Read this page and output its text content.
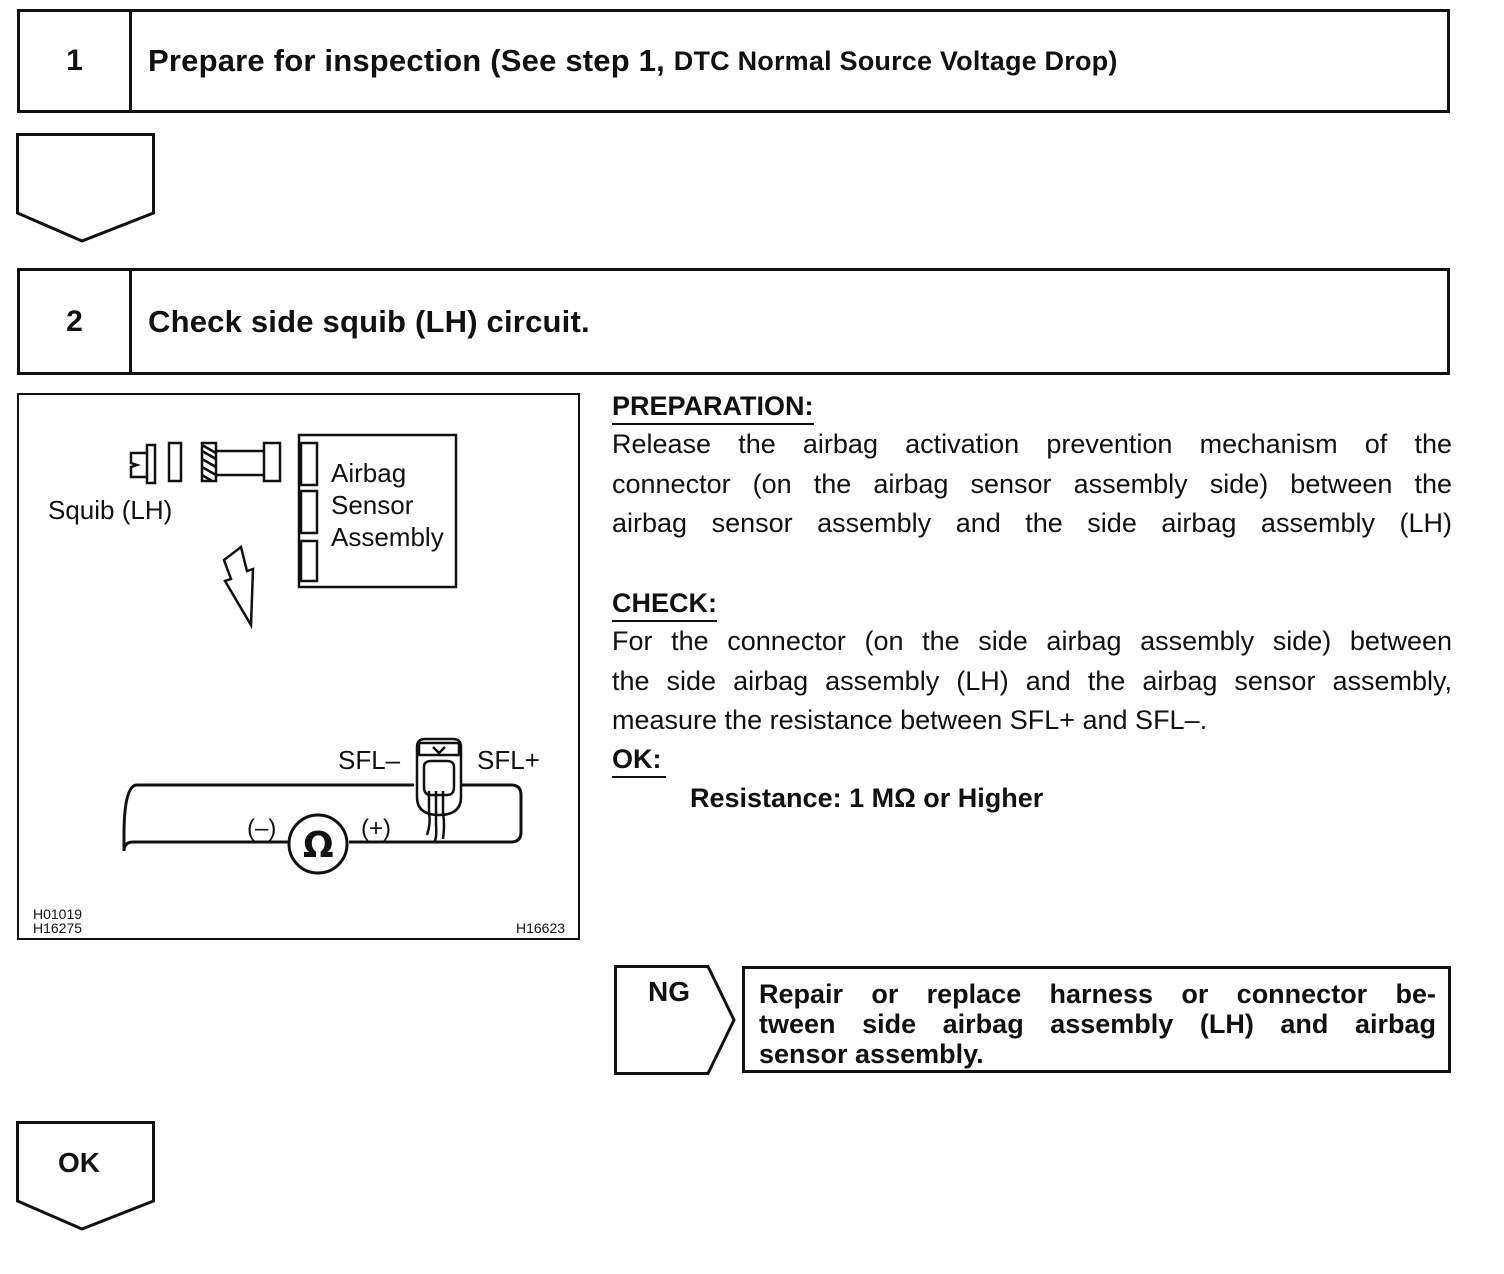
1	Prepare for inspection (See step 1,
DTC Normal Source Voltage Drop)
2	Check side squib (LH) circuit.
Squib (LH)
Airbag
Sensor
Assembly
SFL–	SFL+
(–)	(+)
Ω
H01019
H16275	H16623
PREPARATION:
Release the airbag activation prevention mechanism of the
connector (on the airbag sensor assembly side) between the
airbag sensor assembly and the side airbag assembly (LH)
CHECK:
For the connector (on the side airbag assembly side) between
the side airbag assembly (LH) and the airbag sensor assembly,
measure the resistance between SFL+ and SFL–.
OK:
Resistance: 1 MΩ or Higher
NG	Repair or replace harness or connector be-
tween side airbag assembly (LH) and airbag
sensor assembly.
OK
